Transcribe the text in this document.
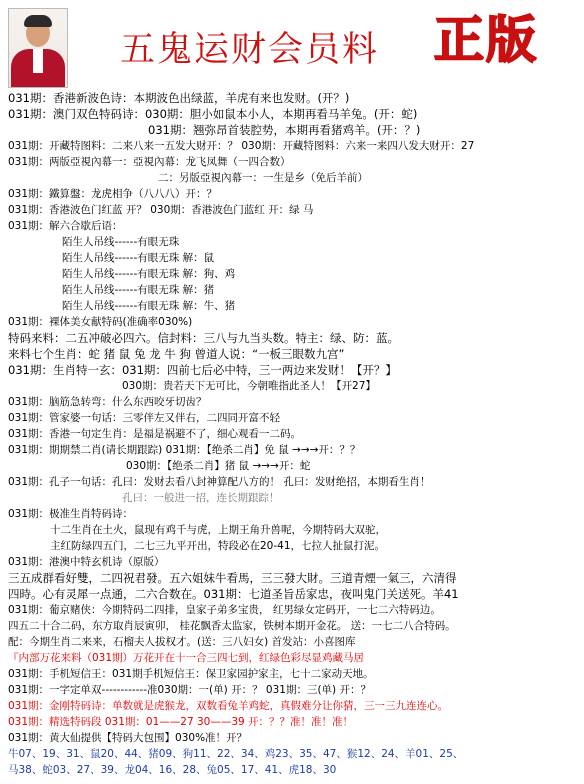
五鬼运财会员料 正版
031期：香港新波色诗：本期波色出绿蓝，羊虎有来也发财。(开？)
031期：澳门双色特码诗：030期：胆小如鼠本小人，本期再看马羊兔。(开：蛇)
031期：翘弥昂首装腔势，本期再看猪鸡羊。(开：？)
031期：开藏特图料：二来八来一五发大财开：？ 030期：开藏特图料：六来一来四八发大财开：27
031期：两版亞視內幕一：亞視內幕：龙飞凤舞（一四合数）
二：另版亞視內幕一：一生是乡（免后羊前）
031期：鐵算盤：龙虎相争（八八八）开：？
031期：香港波色门红蓝 开？ 030期：香港波色门蓝红 开：绿 马
031期：解六合歇后语：
陌生人吊线------有眼无珠
陌生人吊线------有眼无珠 解：鼠
陌生人吊线------有眼无珠 解：狗、鸡
陌生人吊线------有眼无珠 解：猪
陌生人吊线------有眼无珠 解：牛、猪
031期：裸体美女献特码(准确率030%)
特码来料：二五冲破必四六。信封料：三八与九当头数。特主：绿、防：蓝。
来料七个生肖：蛇 猪 鼠 兔 龙 牛 狗 曾道人说：“一板三眼数九宫”
031期：生肖特一玄：031期：四前七后必中特，三一两边来发财！【开？】
030期：贵若天下无可比，今朝唯指此圣人！【开27】
031期：脑筋急转弯：什么东西咬牙切齿？
031期：管家婆一句话：三零伴左又伴右，二四同开富不轻
031期：香港一句定生肖：是福是祸避不了，细心观看一二码。
031期：期期禁二肖(请长期跟踪) 031期：【绝杀二肖】免 鼠 →→→开：？？
030期：【绝杀二肖】猪 鼠 →→→开：蛇
031期：孔子一句话：孔曰：发财去看八封神算配八方的！ 孔曰：发财绝招，本期看生肖！
孔曰：一般进一招，连长期跟踪！
031期：极准生肖特码诗：
十二生肖在土火，鼠现有鸡千与虎，上期王角升兽呢，今期特码大双驼，
主红防绿四五门，二七三九平开出，特段必在20-41，七拉人扯鼠打泥。
031期：港澳中特玄机诗（原版）
三五成群看好雙，二四祝君發。五六姐妹牛看馬，三三發大財。三道青煙一氣三，六清得
四時。心有灵犀一点通，二六合数在。031期：七道圣旨岳家忠，夜叫鬼门关送死。羊41
031期：葡京赌侠：今期特码二四排，皇家子弟多宝贵， 红男绿女定码开，一七二六特码边。
四五二十合二码，东方取肖辰寅卯， 桂花飘香太监家，铁树本期开金花。 送：一七二八合特码。
配：今期生肖二来来，石榴夫人拔权才。(送：三八妇女) 首发站：小喜图库
『内部万花来料（031期）万花开在十一合三四七到，红绿色彩尽显鸡藏马居
031期：手机短信王：031期手机短信王：保卫家园护家主，七十二家动天地。
031期：一字定单双------------准030期：一(单) 开：？ 031期：三(单) 开：？
031期：金刚特码诗：单数就是虎猴龙，双数看兔羊鸡蛇，真假难分让你猜，三一三九连连心。
031期：精选特码段 031期：01——27 30——39 开：？？准！准！准！
031期：黄大仙提供【特码大包围】030%准！开？
牛07、19、31、鼠20、44、猪09、狗11、22、34、鸡23、35、47、猴12、24、羊01、25、
马38、蛇03、27、39、龙04、16、28、兔05、17、41、虎18、30
